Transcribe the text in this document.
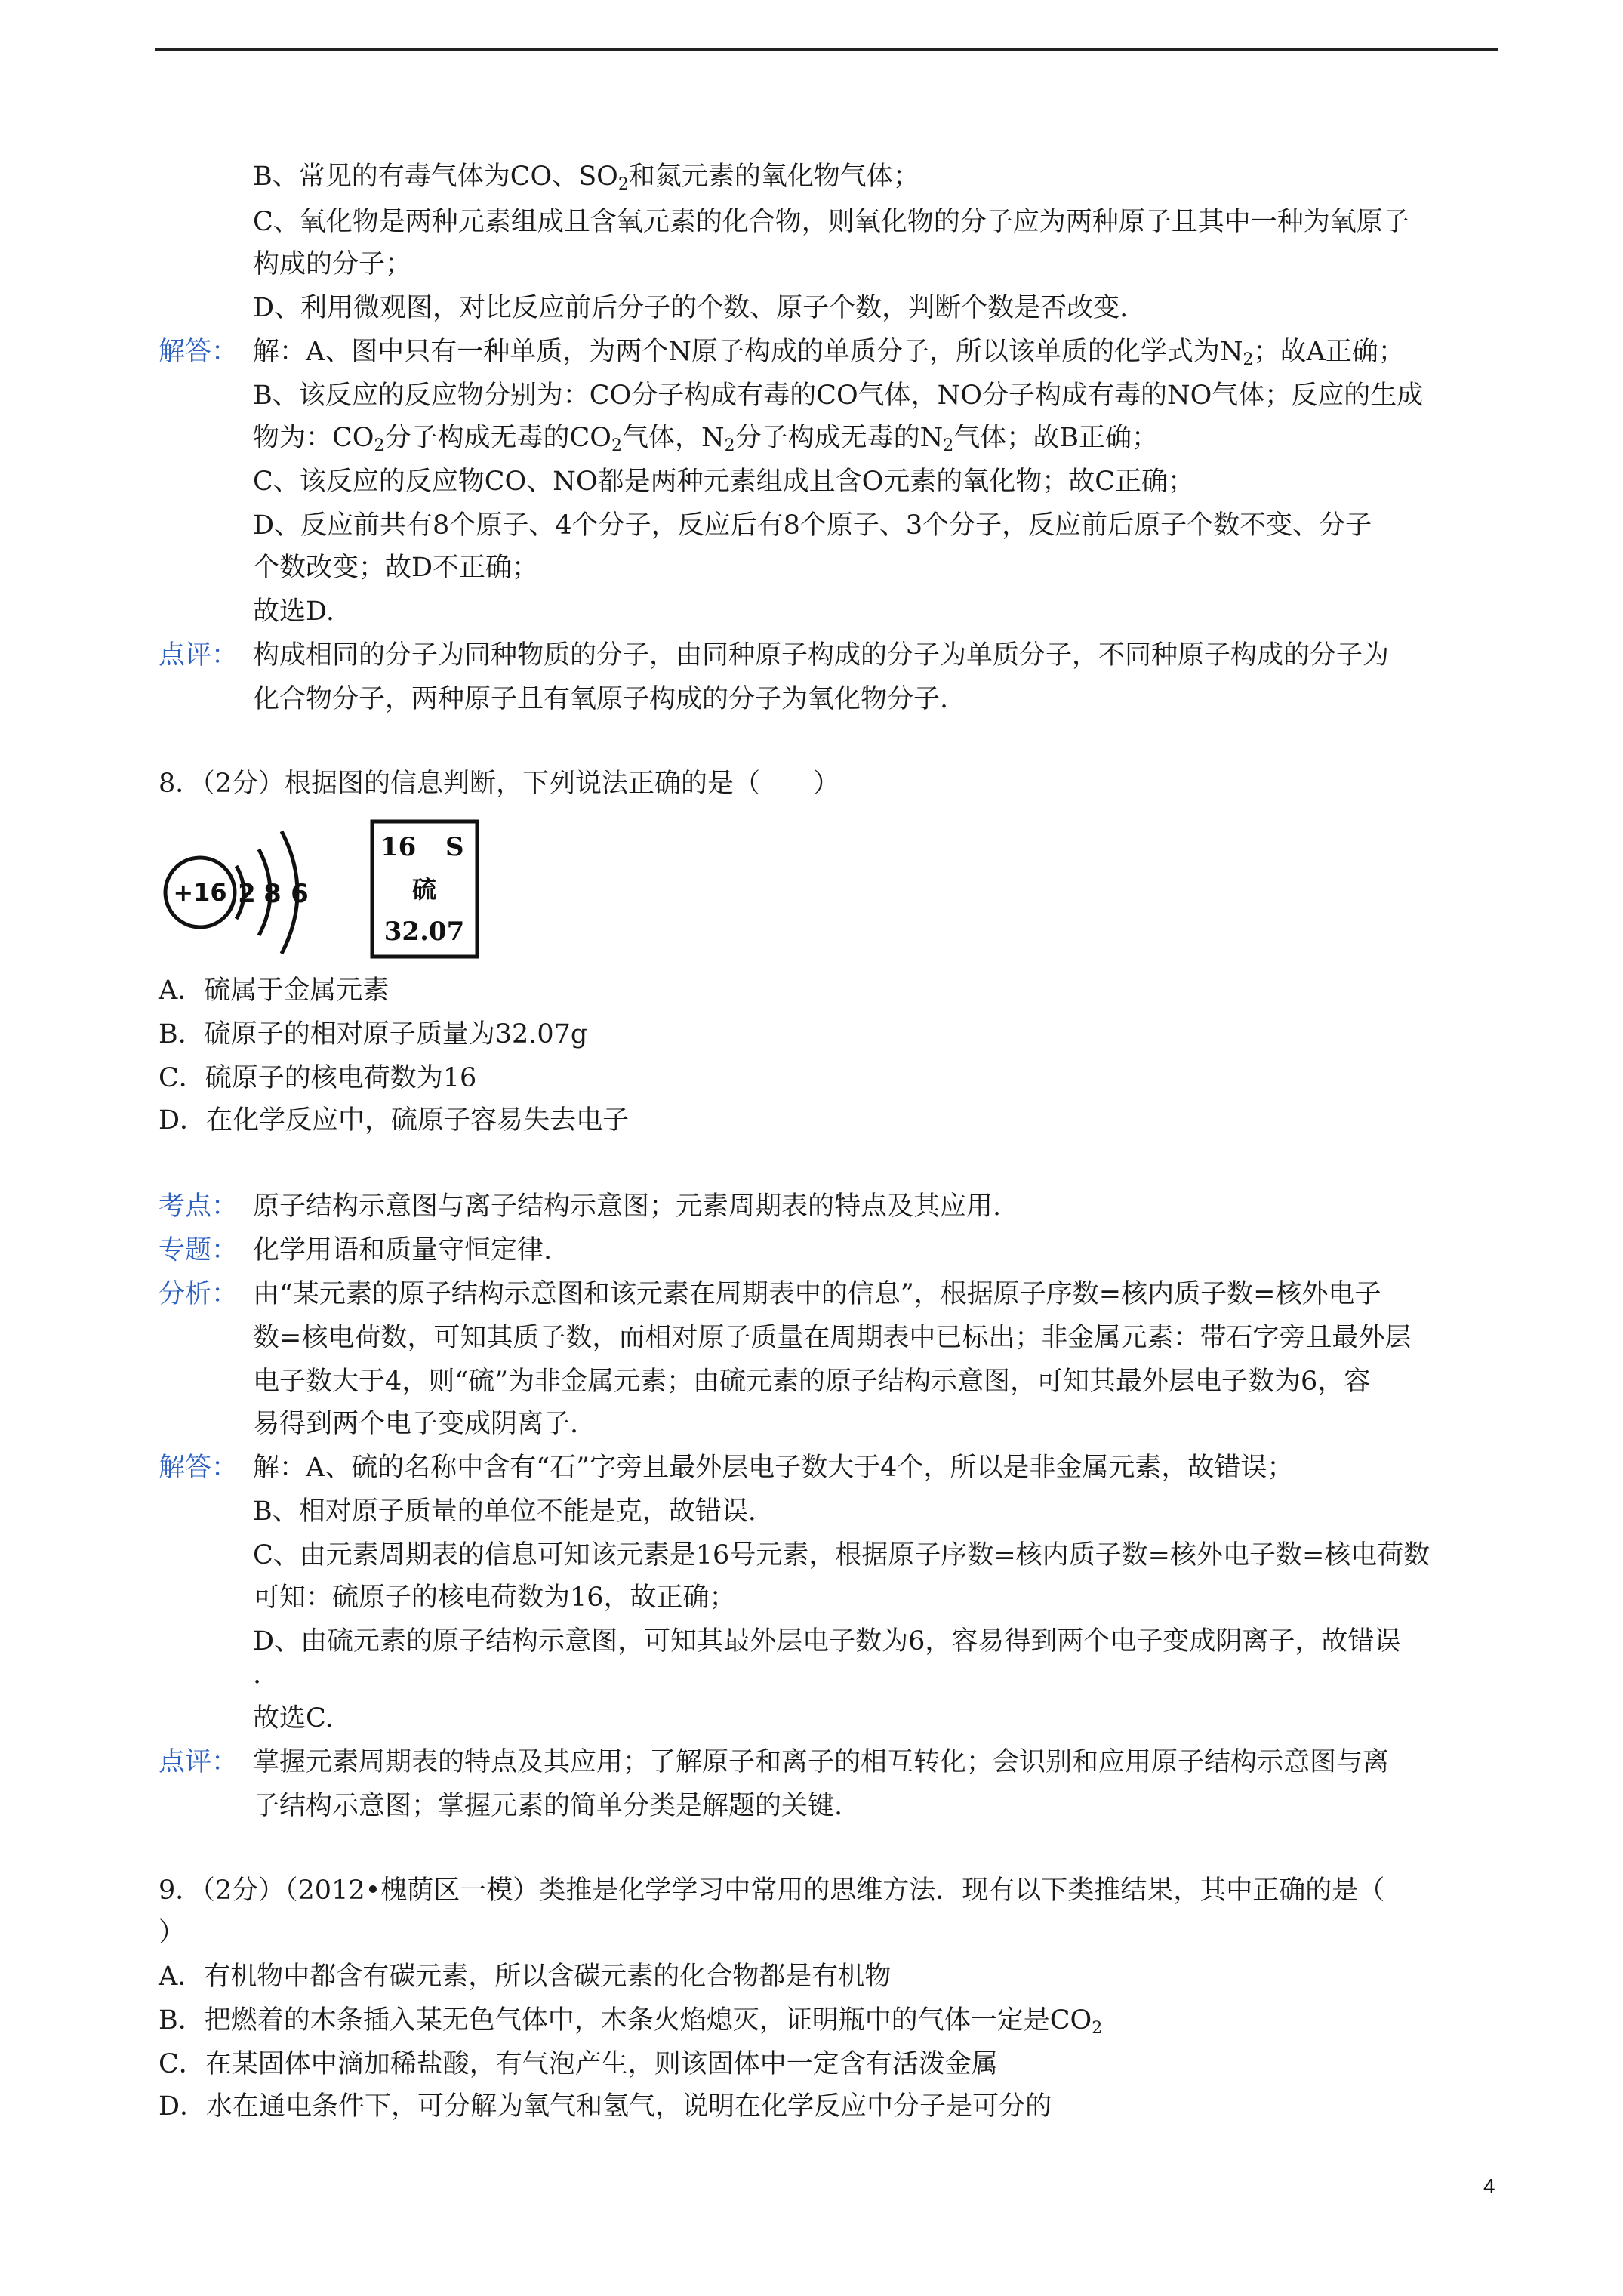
B、常见的有毒气体为CO、$SO_2$和氮元素的氧化物气体；
C、氧化物是两种元素组成且含氧元素的化合物，则氧化物的分子应为两种原子且其中一种为氧原子
构成的分子；
D、利用微观图，对比反应前后分子的个数、原子个数，判断个数是否改变.
解答： 解：A、图中只有一种单质，为两个N原子构成的单质分子，所以该单质的化学式为$N_2$；故A正确；
B、该反应的反应物分别为：CO分子构成有毒的CO气体，NO分子构成有毒的NO气体；反应的生成
物为：$CO_2$分子构成无毒的$CO_2$气体，$N_2$分子构成无毒的$N_2$气体；故B正确；
C、该反应的反应物CO、NO都是两种元素组成且含O元素的氧化物；故C正确；
D、反应前共有8个原子、4个分子，反应后有8个原子、3个分子，反应前后原子个数不变、分子
个数改变；故D不正确；
故选D.
点评： 构成相同的分子为同种物质的分子，由同种原子构成的分子为单质分子，不同种原子构成的分子为
化合物分子，两种原子且有氧原子构成的分子为氧化物分子.
8．（2分）根据图的信息判断，下列说法正确的是（　　）
+16 2 8 6
16 S
硫
32.07
A．硫属于金属元素
B．硫原子的相对原子质量为32.07g
C．硫原子的核电荷数为16
D．在化学反应中，硫原子容易失去电子
考点： 原子结构示意图与离子结构示意图；元素周期表的特点及其应用.
专题： 化学用语和质量守恒定律.
分析： 由“某元素的原子结构示意图和该元素在周期表中的信息”，根据原子序数=核内质子数=核外电子
数=核电荷数，可知其质子数，而相对原子质量在周期表中已标出；非金属元素：带石字旁且最外层
电子数大于4，则“硫”为非金属元素；由硫元素的原子结构示意图，可知其最外层电子数为6，容
易得到两个电子变成阴离子.
解答： 解：A、硫的名称中含有“石”字旁且最外层电子数大于4个，所以是非金属元素，故错误；
B、相对原子质量的单位不能是克，故错误.
C、由元素周期表的信息可知该元素是16号元素，根据原子序数=核内质子数=核外电子数=核电荷数
可知：硫原子的核电荷数为16，故正确；
D、由硫元素的原子结构示意图，可知其最外层电子数为6，容易得到两个电子变成阴离子，故错误
.
故选C.
点评： 掌握元素周期表的特点及其应用；了解原子和离子的相互转化；会识别和应用原子结构示意图与离
子结构示意图；掌握元素的简单分类是解题的关键.
9．（2分）（2012•槐荫区一模）类推是化学学习中常用的思维方法．现有以下类推结果，其中正确的是（
）
A．有机物中都含有碳元素，所以含碳元素的化合物都是有机物
B．把燃着的木条插入某无色气体中，木条火焰熄灭，证明瓶中的气体一定是$CO_2$
C．在某固体中滴加稀盐酸，有气泡产生，则该固体中一定含有活泼金属
D．水在通电条件下，可分解为氧气和氢气，说明在化学反应中分子是可分的
4
